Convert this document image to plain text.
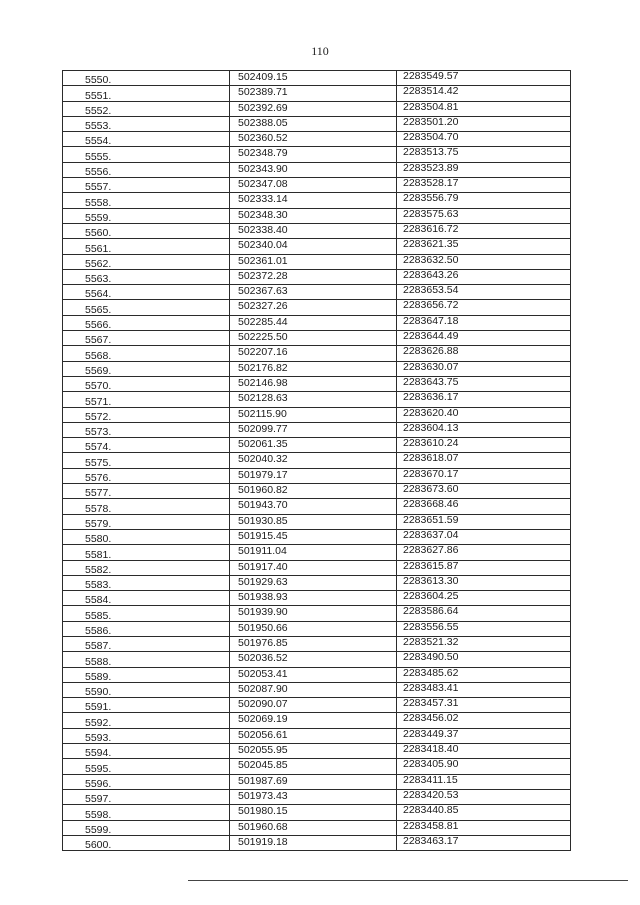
110
5550.	502409.15	2283549.57
5551.	502389.71	2283514.42
5552.	502392.69	2283504.81
5553.	502388.05	2283501.20
5554.	502360.52	2283504.70
5555.	502348.79	2283513.75
5556.	502343.90	2283523.89
5557.	502347.08	2283528.17
5558.	502333.14	2283556.79
5559.	502348.30	2283575.63
5560.	502338.40	2283616.72
5561.	502340.04	2283621.35
5562.	502361.01	2283632.50
5563.	502372.28	2283643.26
5564.	502367.63	2283653.54
5565.	502327.26	2283656.72
5566.	502285.44	2283647.18
5567.	502225.50	2283644.49
5568.	502207.16	2283626.88
5569.	502176.82	2283630.07
5570.	502146.98	2283643.75
5571.	502128.63	2283636.17
5572.	502115.90	2283620.40
5573.	502099.77	2283604.13
5574.	502061.35	2283610.24
5575.	502040.32	2283618.07
5576.	501979.17	2283670.17
5577.	501960.82	2283673.60
5578.	501943.70	2283668.46
5579.	501930.85	2283651.59
5580.	501915.45	2283637.04
5581.	501911.04	2283627.86
5582.	501917.40	2283615.87
5583.	501929.63	2283613.30
5584.	501938.93	2283604.25
5585.	501939.90	2283586.64
5586.	501950.66	2283556.55
5587.	501976.85	2283521.32
5588.	502036.52	2283490.50
5589.	502053.41	2283485.62
5590.	502087.90	2283483.41
5591.	502090.07	2283457.31
5592.	502069.19	2283456.02
5593.	502056.61	2283449.37
5594.	502055.95	2283418.40
5595.	502045.85	2283405.90
5596.	501987.69	2283411.15
5597.	501973.43	2283420.53
5598.	501980.15	2283440.85
5599.	501960.68	2283458.81
5600.	501919.18	2283463.17
